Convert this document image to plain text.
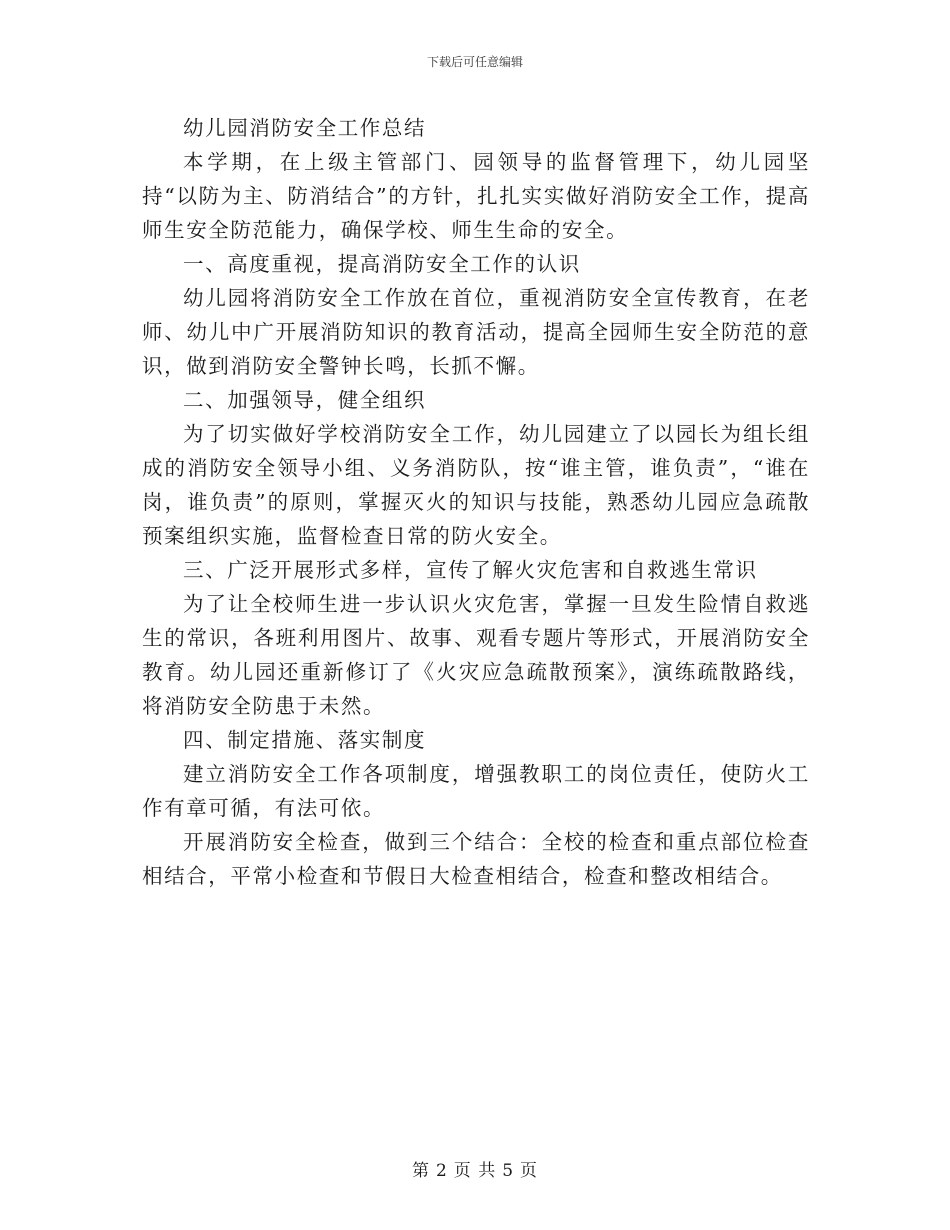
下载后可任意编辑

幼儿园消防安全工作总结

本学期，在上级主管部门、园领导的监督管理下，幼儿园坚持“以防为主、防消结合”的方针，扎扎实实做好消防安全工作，提高师生安全防范能力，确保学校、师生生命的安全。

一、高度重视，提高消防安全工作的认识

幼儿园将消防安全工作放在首位，重视消防安全宣传教育，在老师、幼儿中广开展消防知识的教育活动，提高全园师生安全防范的意识，做到消防安全警钟长鸣，长抓不懈。

二、加强领导，健全组织

为了切实做好学校消防安全工作，幼儿园建立了以园长为组长组成的消防安全领导小组、义务消防队，按“谁主管，谁负责”，“谁在岗，谁负责”的原则，掌握灭火的知识与技能，熟悉幼儿园应急疏散预案组织实施，监督检查日常的防火安全。

三、广泛开展形式多样，宣传了解火灾危害和自救逃生常识

为了让全校师生进一步认识火灾危害，掌握一旦发生险情自救逃生的常识，各班利用图片、故事、观看专题片等形式，开展消防安全教育。幼儿园还重新修订了《火灾应急疏散预案》，演练疏散路线，将消防安全防患于未然。

四、制定措施、落实制度

建立消防安全工作各项制度，增强教职工的岗位责任，使防火工作有章可循，有法可依。

开展消防安全检查，做到三个结合：全校的检查和重点部位检查相结合，平常小检查和节假日大检查相结合，检查和整改相结合。

第 2 页 共 5 页
